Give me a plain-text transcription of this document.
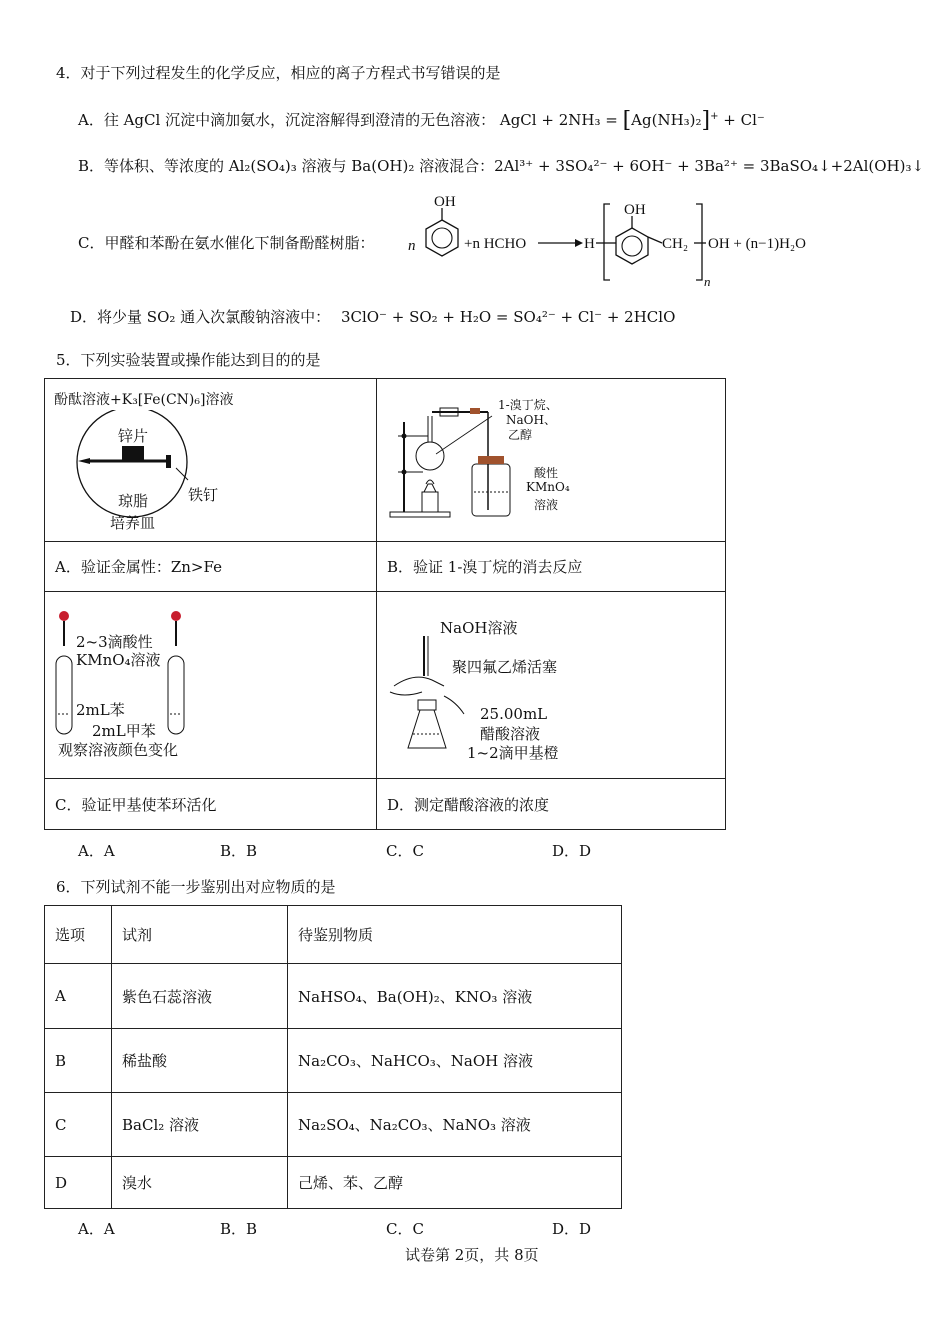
4．对于下列过程发生的化学反应，相应的离子方程式书写错误的是
A．往 AgCl 沉淀中滴加氨水，沉淀溶解得到澄清的无色溶液： AgCl + 2NH₃ = [Ag(NH₃)₂]+ + Cl⁻
B．等体积、等浓度的 Al₂(SO₄)₃ 溶液与 Ba(OH)₂ 溶液混合：2Al³⁺ + 3SO₄²⁻ + 6OH⁻ + 3Ba²⁺ = 3BaSO₄↓+2Al(OH)₃↓
C．甲醛和苯酚在氨水催化下制备酚醛树脂： n
OH
+n HCHO	H
OH
CH₂
n
OH + (n−1)H₂O
D．将少量 SO₂ 通入次氯酸钠溶液中： 3ClO⁻ + SO₂ + H₂O = SO₄²⁻ + Cl⁻ + 2HClO
5．下列实验装置或操作能达到目的的是
酚酞溶液+K₃[Fe(CN)₆]溶液
锌片
琼脂
培养皿
铁钉
A．验证金属性：Zn>Fe
1-溴丁烷、
NaOH、
乙醇
酸性
KMnO₄
溶液
B．验证 1-溴丁烷的消去反应
2~3滴酸性
KMnO₄溶液
2mL苯
2mL甲苯
观察溶液颜色变化
C．验证甲基使苯环活化
NaOH溶液
聚四氟乙烯活塞
25.00mL
醋酸溶液
1~2滴甲基橙
D．测定醋酸溶液的浓度
A．A	B．B	C．C	D．D
6．下列试剂不能一步鉴别出对应物质的是
选项	试剂	待鉴别物质
A	紫色石蕊溶液	NaHSO₄、Ba(OH)₂、KNO₃ 溶液
B	稀盐酸	Na₂CO₃、NaHCO₃、NaOH 溶液
C	BaCl₂ 溶液	Na₂SO₄、Na₂CO₃、NaNO₃ 溶液
D	溴水	己烯、苯、乙醇
A．A	B．B	C．C	D．D
试卷第 2页，共 8页
